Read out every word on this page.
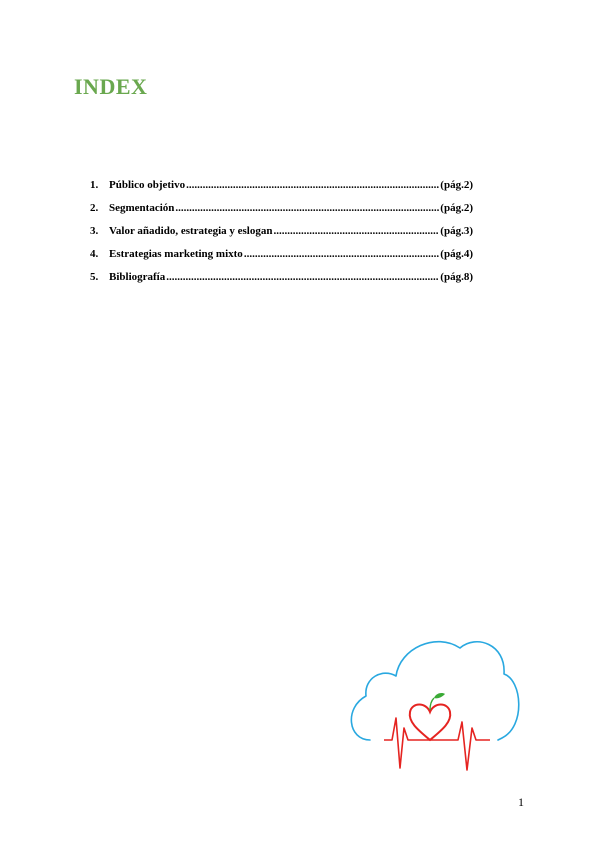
INDEX
1. Público objetivo .....	(pág.2)
2. Segmentación .....	(pág.2)
3. Valor añadido, estrategia y eslogan .....	(pág.3)
4. Estrategias marketing mixto .....	(pág.4)
5. Bibliografía .....	(pág.8)
1
